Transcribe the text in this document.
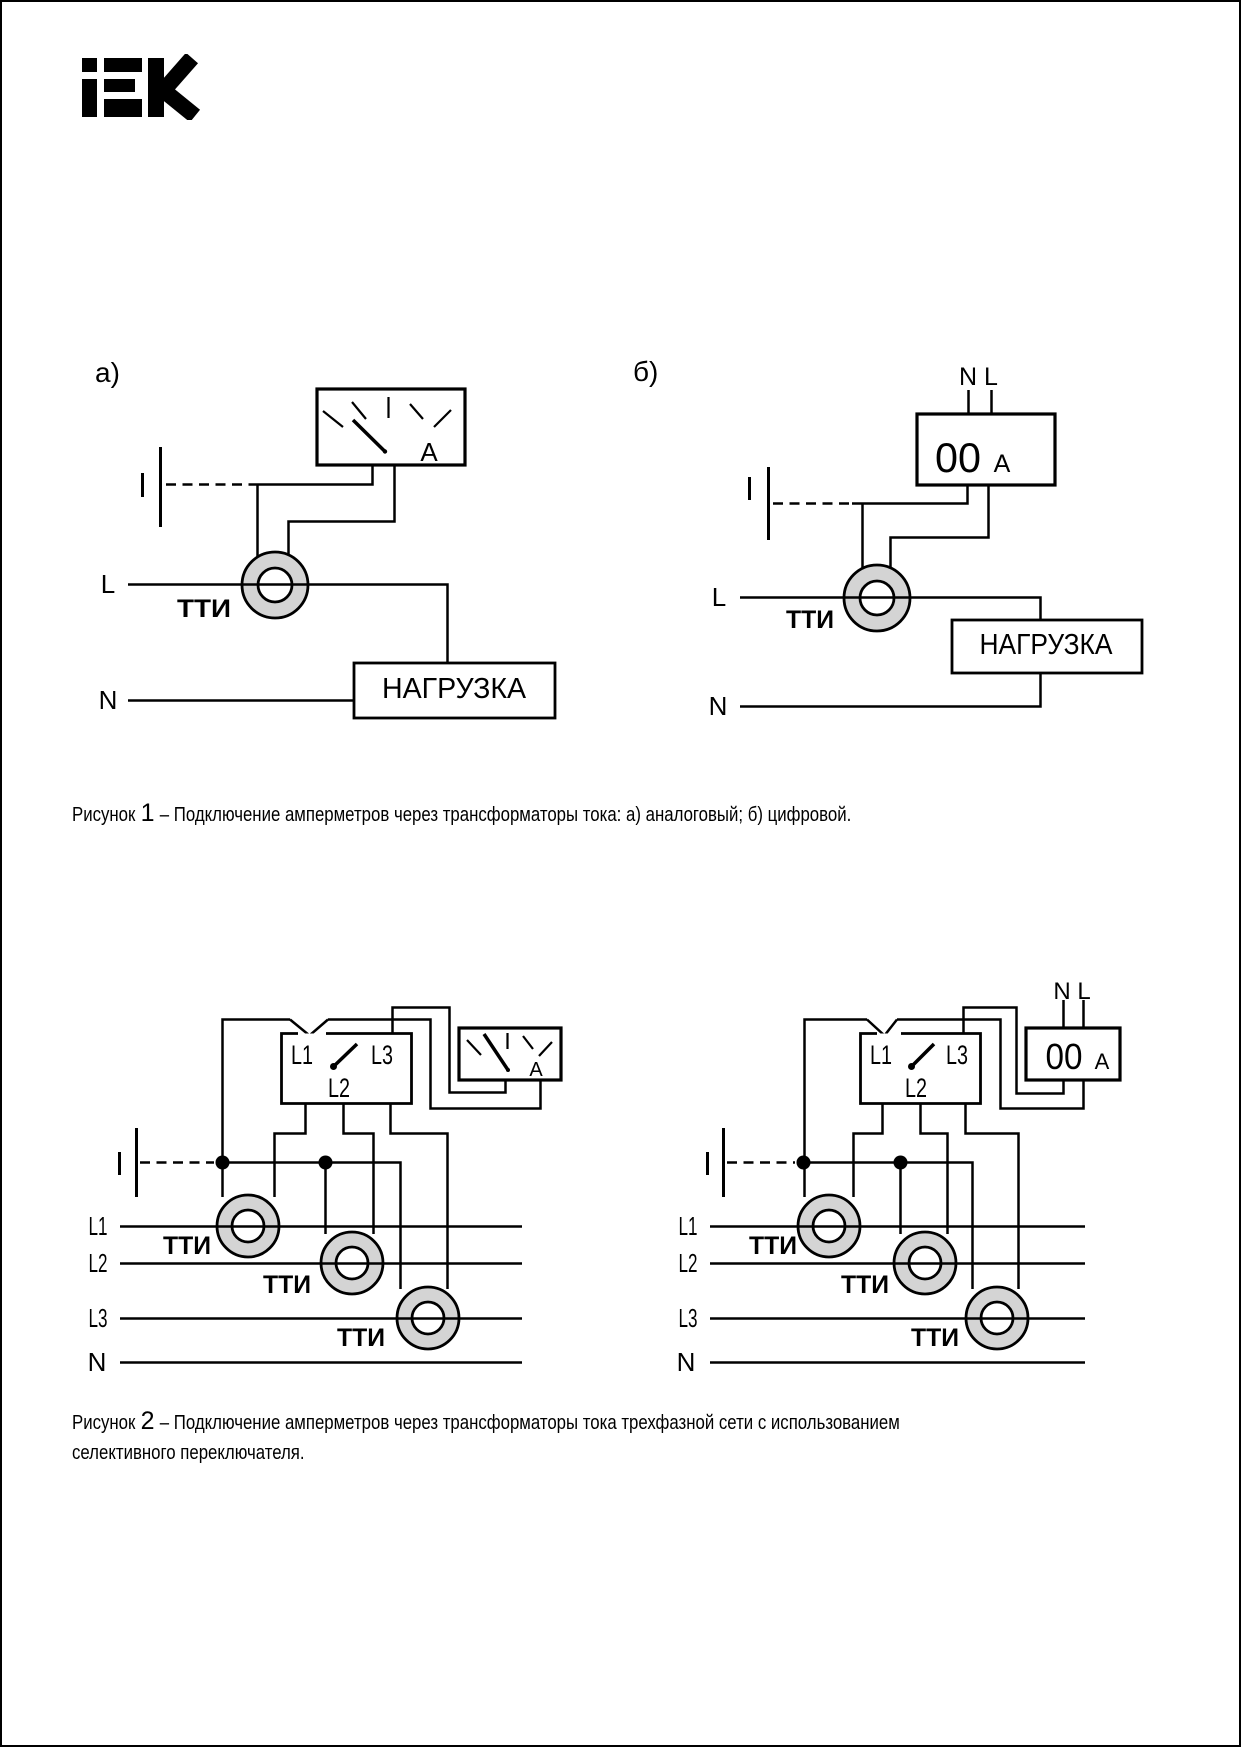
а)
А
НАГРУЗКА
ТТИ
L
N
б)
00 А
N L
НАГРУЗКА
ТТИ
L
N
L1 L3
L2
А
L1
L2
L3
N
ТТИ
ТТИ
ТТИ
L1 L3
L2
00 А
N L
L1
L2
L3
N
ТТИ
ТТИ
ТТИ
Рисунок 1 – Подключение амперметров через трансформаторы тока: а) аналоговый; б) цифровой.
Рисунок 2 – Подключение амперметров через трансформаторы тока трехфазной сети с использованием
селективного переключателя.
